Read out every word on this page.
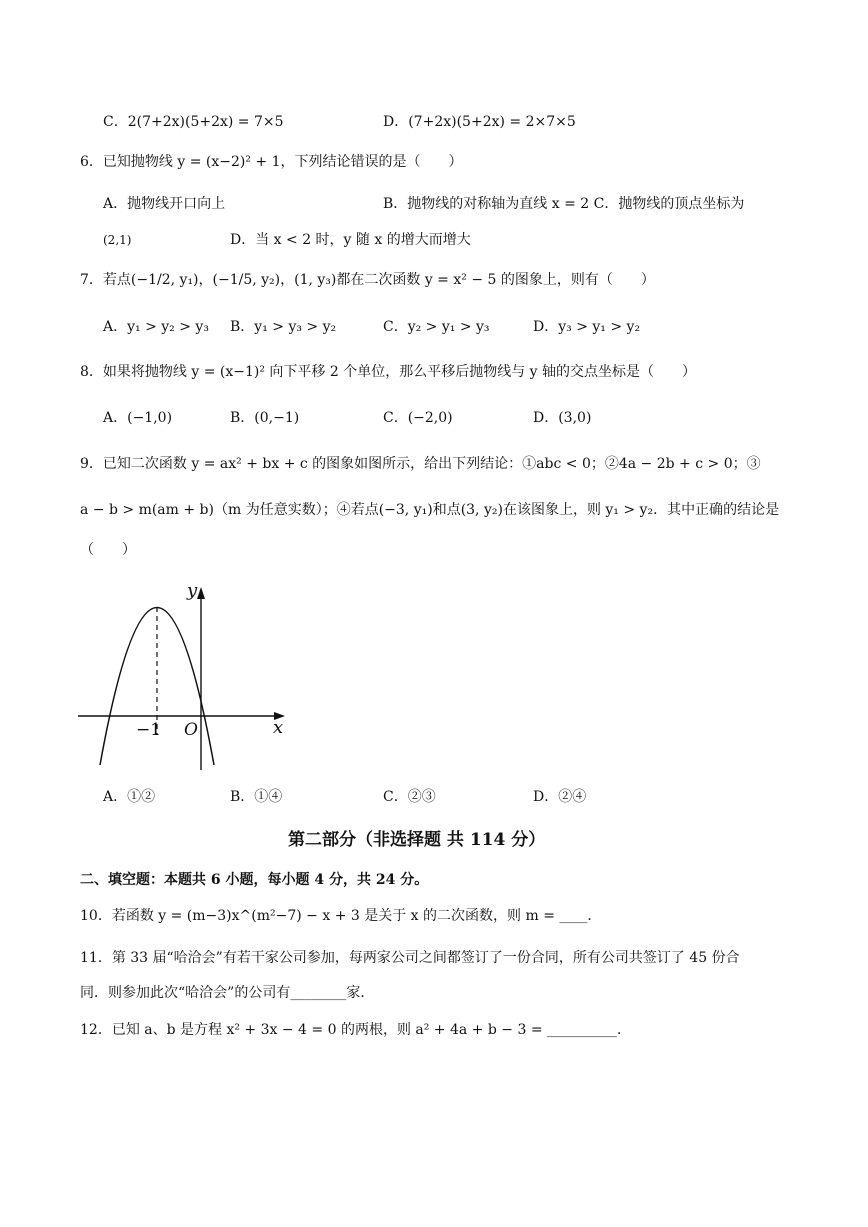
C．2(7+2x)(5+2x) = 7×5	D．(7+2x)(5+2x) = 2×7×5
6．已知抛物线 y = (x−2)² + 1，下列结论错误的是（　　）
A．抛物线开口向上	B．抛物线的对称轴为直线 x = 2 C．抛物线的顶点坐标为
(2,1)	D．当 x < 2 时，y 随 x 的增大而增大
7．若点(−1/2, y₁)，(−1/5, y₂)，(1, y₃)都在二次函数 y = x² − 5 的图象上，则有（　　）
A．y₁ > y₂ > y₃ B．y₁ > y₃ > y₂	C．y₂ > y₁ > y₃	D．y₃ > y₁ > y₂
8．如果将抛物线 y = (x−1)² 向下平移 2 个单位，那么平移后抛物线与 y 轴的交点坐标是（　　）
A．(−1,0)	B．(0,−1)	C．(−2,0)	D．(3,0)
9．已知二次函数 y = ax² + bx + c 的图象如图所示，给出下列结论：①abc < 0；②4a − 2b + c > 0；③
a − b > m(am + b)（m 为任意实数）；④若点(−3, y₁)和点(3, y₂)在该图象上，则 y₁ > y₂．其中正确的结论是
（　　）
y
x
O
−1
A．①②	B．①④	C．②③	D．②④
第二部分（非选择题 共 114 分）
二、填空题：本题共 6 小题，每小题 4 分，共 24 分。
10．若函数 y = (m−3)x^(m²−7) − x + 3 是关于 x 的二次函数，则 m = ____．
11．第 33 届“哈洽会”有若干家公司参加，每两家公司之间都签订了一份合同，所有公司共签订了 45 份合
同．则参加此次“哈洽会”的公司有________家．
12．已知 a、b 是方程 x² + 3x − 4 = 0 的两根，则 a² + 4a + b − 3 = __________．
